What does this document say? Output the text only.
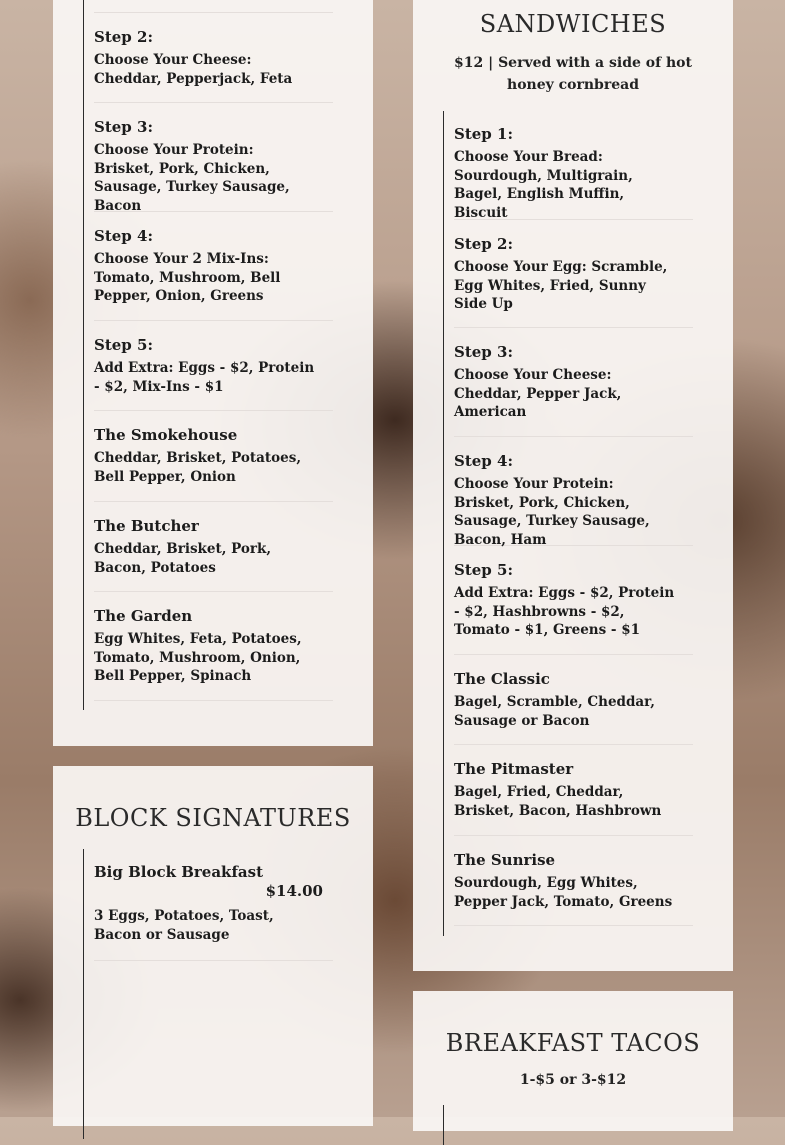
Step 2:

Choose Your Cheese: Cheddar, Pepperjack, Feta

Step 3:

Choose Your Protein: Brisket, Pork, Chicken, Sausage, Turkey Sausage, Bacon

Step 4:

Choose Your 2 Mix-Ins: Tomato, Mushroom, Bell Pepper, Onion, Greens

Step 5:

Add Extra: Eggs - $2, Protein - $2, Mix-Ins - $1

The Smokehouse

Cheddar, Brisket, Potatoes, Bell Pepper, Onion

The Butcher

Cheddar, Brisket, Pork, Bacon, Potatoes

The Garden

Egg Whites, Feta, Potatoes, Tomato, Mushroom, Onion, Bell Pepper, Spinach
BLOCK SIGNATURES

Big Block Breakfast

$14.00
3 Eggs, Potatoes, Toast, Bacon or Sausage
SANDWICHES

$12 | Served with a side of hot honey cornbread

Step 1:

Choose Your Bread: Sourdough, Multigrain, Bagel, English Muffin, Biscuit

Step 2:

Choose Your Egg: Scramble, Egg Whites, Fried, Sunny Side Up

Step 3:

Choose Your Cheese: Cheddar, Pepper Jack, American

Step 4:

Choose Your Protein: Brisket, Pork, Chicken, Sausage, Turkey Sausage, Bacon, Ham

Step 5:

Add Extra: Eggs - $2, Protein - $2, Hashbrowns - $2, Tomato - $1, Greens - $1

The Classic

Bagel, Scramble, Cheddar, Sausage or Bacon

The Pitmaster

Bagel, Fried, Cheddar, Brisket, Bacon, Hashbrown

The Sunrise

Sourdough, Egg Whites, Pepper Jack, Tomato, Greens
BREAKFAST TACOS

1-$5 or 3-$12
